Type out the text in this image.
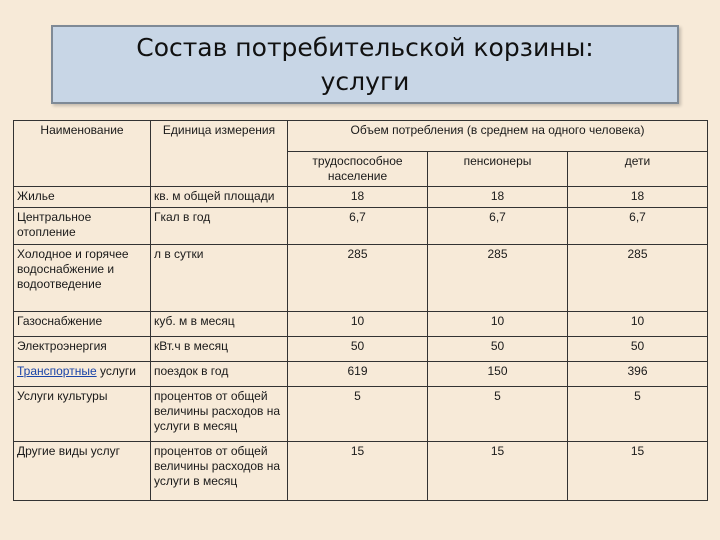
Состав потребительской корзины:
услуги
Наименование	Единица измерения	Объем потребления (в среднем на одного человека)		
		трудоспособное население	пенсионеры	дети
Жилье	кв. м общей площади	18	18	18
Центральное отопление	Гкал в год	6,7	6,7	6,7
Холодное и горячее водоснабжение и водоотведение	л в сутки	285	285	285
Газоснабжение	куб. м в месяц	10	10	10
Электроэнергия	кВт.ч в месяц	50	50	50
Транспортные услуги	поездок в год	619	150	396
Услуги культуры	процентов от общей величины расходов на услуги в месяц	5	5	5
Другие виды услуг	процентов от общей величины расходов на услуги в месяц	15	15	15
